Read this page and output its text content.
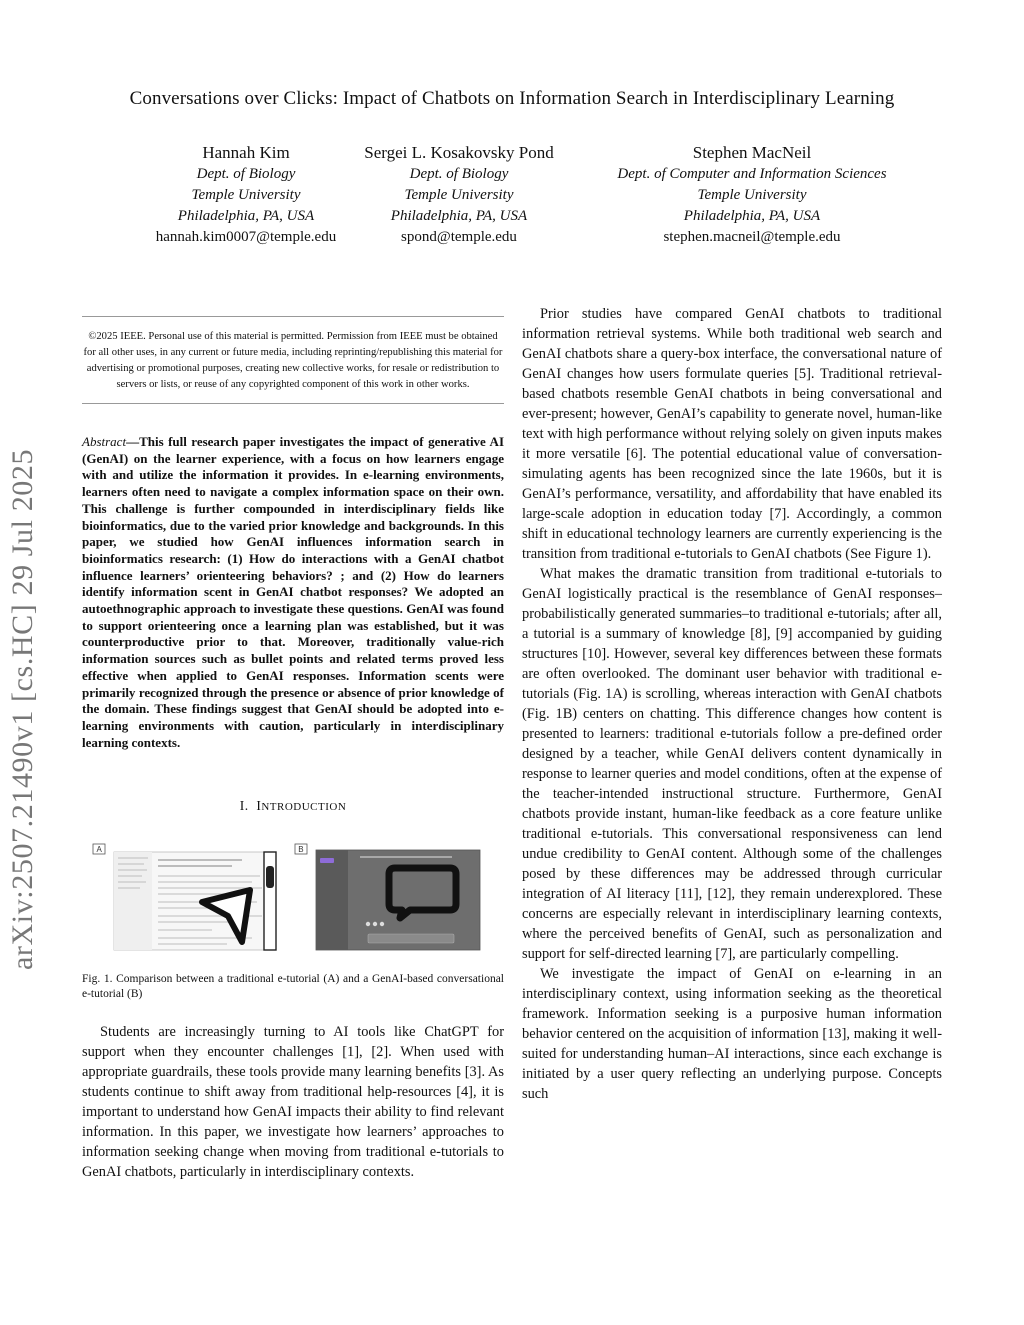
arXiv:2507.21490v1 [cs.HC] 29 Jul 2025
Conversations over Clicks: Impact of Chatbots on Information Search in Interdisciplinary Learning
Hannah Kim
Dept. of Biology
Temple University
Philadelphia, PA, USA
hannah.kim0007@temple.edu
Sergei L. Kosakovsky Pond
Dept. of Biology
Temple University
Philadelphia, PA, USA
spond@temple.edu
Stephen MacNeil
Dept. of Computer and Information Sciences
Temple University
Philadelphia, PA, USA
stephen.macneil@temple.edu
©2025 IEEE. Personal use of this material is permitted. Permission from IEEE must be obtained for all other uses, in any current or future media, including reprinting/republishing this material for advertising or promotional purposes, creating new collective works, for resale or redistribution to servers or lists, or reuse of any copyrighted component of this work in other works.
Abstract—This full research paper investigates the impact of generative AI (GenAI) on the learner experience, with a focus on how learners engage with and utilize the information it provides. In e-learning environments, learners often need to navigate a complex information space on their own. This challenge is further compounded in interdisciplinary fields like bioinformatics, due to the varied prior knowledge and backgrounds. In this paper, we studied how GenAI influences information search in bioinformatics research: (1) How do interactions with a GenAI chatbot influence learners’ orienteering behaviors? ; and (2) How do learners identify information scent in GenAI chatbot responses? We adopted an autoethnographic approach to investigate these questions. GenAI was found to support orienteering once a learning plan was established, but it was counterproductive prior to that. Moreover, traditionally value-rich information sources such as bullet points and related terms proved less effective when applied to GenAI responses. Information scents were primarily recognized through the presence or absence of prior knowledge of the domain. These findings suggest that GenAI should be adopted into e-learning environments with caution, particularly in interdisciplinary learning contexts.
I. INTRODUCTION
A	B
Fig. 1. Comparison between a traditional e-tutorial (A) and a GenAI-based conversational e-tutorial (B)

Students are increasingly turning to AI tools like ChatGPT for support when they encounter challenges [1], [2]. When used with appropriate guardrails, these tools provide many learning benefits [3]. As students continue to shift away from traditional help-resources [4], it is important to understand how GenAI impacts their ability to find relevant information. In this paper, we investigate how learners’ approaches to information seeking change when moving from traditional e-tutorials to GenAI chatbots, particularly in interdisciplinary contexts.

Prior studies have compared GenAI chatbots to traditional information retrieval systems. While both traditional web search and GenAI chatbots share a query-box interface, the conversational nature of GenAI changes how users formulate queries [5]. Traditional retrieval-based chatbots resemble GenAI chatbots in being conversational and ever-present; however, GenAI’s capability to generate novel, human-like text with high performance without relying solely on given inputs makes it more versatile [6]. The potential educational value of conversation-simulating agents has been recognized since the late 1960s, but it is GenAI’s performance, versatility, and affordability that have enabled its large-scale adoption in education today [7]. Accordingly, a common shift in educational technology learners are currently experiencing is the transition from traditional e-tutorials to GenAI chatbots (See Figure 1).

What makes the dramatic transition from traditional e-tutorials to GenAI logistically practical is the resemblance of GenAI responses–probabilistically generated summaries–to traditional e-tutorials; after all, a tutorial is a summary of knowledge [8], [9] accompanied by guiding structures [10]. However, several key differences between these formats are often overlooked. The dominant user behavior with traditional e-tutorials (Fig. 1A) is scrolling, whereas interaction with GenAI chatbots (Fig. 1B) centers on chatting. This difference changes how content is presented to learners: traditional e-tutorials follow a pre-defined order designed by a teacher, while GenAI delivers content dynamically in response to learner queries and model conditions, often at the expense of the teacher-intended instructional structure. Furthermore, GenAI chatbots provide instant, human-like feedback as a core feature unlike traditional e-tutorials. This conversational responsiveness can lend undue credibility to GenAI content. Although some of the challenges posed by these differences may be addressed through curricular integration of AI literacy [11], [12], they remain underexplored. These concerns are especially relevant in interdisciplinary learning contexts, where the perceived benefits of GenAI, such as personalization and support for self-directed learning [7], are particularly compelling.

We investigate the impact of GenAI on e-learning in an interdisciplinary context, using information seeking as the theoretical framework. Information seeking is a purposive human information behavior centered on the acquisition of information [13], making it well-suited for understanding human–AI interactions, since each exchange is initiated by a user query reflecting an underlying purpose. Concepts such
